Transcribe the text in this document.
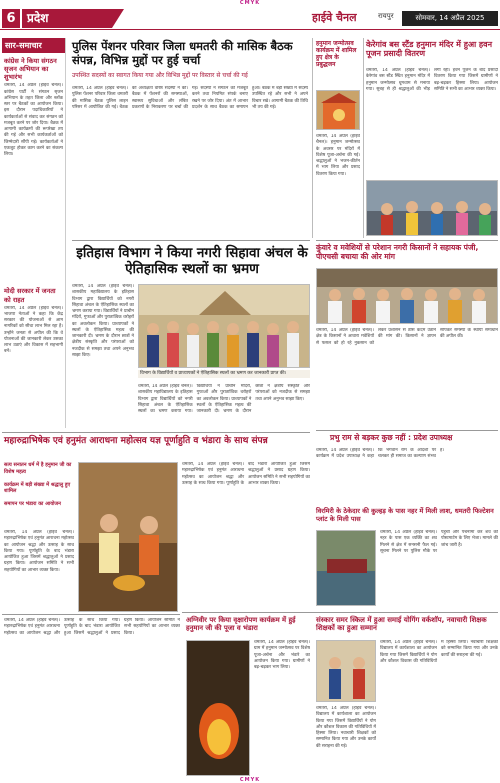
CMYK
6 प्रदेश	हाईवे चैनल	रायपुर	सोमवार, 14 अप्रैल 2025
सार-समाचार
कांग्रेस ने किया संगठन सृजन अभियान का शुभारंभ
धमतरी, 14 अप्रैल (हाईवे चैनल)। कांग्रेस पार्टी ने संगठन सृजन अभियान के तहत जिला और ब्लॉक स्तर पर बैठकों का आयोजन किया। इस दौरान पदाधिकारियों ने कार्यकर्ताओं से संवाद कर संगठन को मजबूत करने पर जोर दिया। बैठक में आगामी कार्यक्रमों की रूपरेखा तय की गई और सभी कार्यकर्ताओं को जिम्मेदारी सौंपी गई। कार्यकर्ताओं ने एकजुट होकर काम करने का संकल्प लिया।
मोदी सरकार में जनता को राहत
धमतरी, 14 अप्रैल (हाईवे चैनल)। भाजपा नेताओं ने कहा कि केंद्र सरकार की योजनाओं से आम नागरिकों को सीधा लाभ मिल रहा है। उन्होंने जनता से अपील की कि वे योजनाओं की जानकारी लेकर उसका लाभ उठाएं और विकास में सहभागी बनें।
पुलिस पेंशनर परिवार जिला धमतरी की मासिक बैठक संपन्न, विभिन्न मुद्दों पर हुई चर्चा
उपस्थित सदस्यों का स्वागत किया गया और विभिन्न मुद्दों पर विस्तार से चर्चा की गई
धमतरी, 14 अप्रैल (हाईवे चैनल)। पुलिस पेंशनर परिवार जिला धमतरी की मासिक बैठक पुलिस लाइन परिसर में आयोजित की गई। बैठक की अध्यक्षता वरिष्ठ सदस्यों ने की। बैठक में पेंशनरों की समस्याओं, स्वास्थ्य सुविधाओं और लंबित प्रकरणों के निराकरण पर चर्चा की गई। सदस्यों ने संगठन को मजबूत करने तथा नियमित संपर्क बनाए रखने पर जोर दिया। अंत में आभार प्रदर्शन के साथ बैठक का समापन हुआ। बैठक में बड़ी संख्या में सदस्य उपस्थित रहे और सभी ने अपने विचार रखे। आगामी बैठक की तिथि भी तय की गई।
हनुमान जन्मोत्सव कार्यक्रम में शामिल हुए क्षेत्र के प्रबुद्धजन
धमतरी, 14 अप्रैल (हाईवे चैनल)। हनुमान जन्मोत्सव के अवसर पर मंदिरों में विशेष पूजा-अर्चना की गई। श्रद्धालुओं ने भजन-कीर्तन में भाग लिया और प्रसाद वितरण किया गया।
केरेगांव बस स्टैंड हनुमान मंदिर में हुआ हवन पूजन प्रसादी वितरण
धमतरी, 14 अप्रैल (हाईवे चैनल)। केरेगांव बस स्टैंड स्थित हनुमान मंदिर में हनुमान जन्मोत्सव धूमधाम से मनाया गया। सुबह से ही श्रद्धालुओं की भीड़ लगी रही। हवन पूजन के बाद प्रसादी वितरण किया गया जिसमें ग्रामीणों ने बढ़-चढ़कर हिस्सा लिया। आयोजन समिति ने सभी का आभार व्यक्त किया।
कुंवारे व मवेशियों से परेशान नगरी किसानों ने सहायक पंजी, पीएचसी बचाया की ओर मांग
धमतरी, 14 अप्रैल (हाईवे चैनल)। क्षेत्र के किसानों ने आवारा मवेशियों से फसल को हो रहे नुकसान को लेकर प्रशासन से ठोस कदम उठाने की मांग की। किसानों ने ज्ञापन सौंपकर समस्या के स्थायी समाधान की अपील की।
इतिहास विभाग ने किया नगरी सिहावा अंचल के ऐतिहासिक स्थलों का भ्रमण
धमतरी, 14 अप्रैल (हाईवे चैनल)। शासकीय महाविद्यालय के इतिहास विभाग द्वारा विद्यार्थियों को नगरी सिहावा अंचल के ऐतिहासिक स्थलों का भ्रमण कराया गया। विद्यार्थियों ने प्राचीन मंदिरों, गुफाओं और पुरातात्विक धरोहरों का अवलोकन किया। प्राध्यापकों ने स्थलों के ऐतिहासिक महत्व की जानकारी दी। भ्रमण के दौरान छात्रों ने क्षेत्रीय संस्कृति और परंपराओं को नजदीक से समझा तथा अपने अनुभव साझा किए।
विभाग के विद्यार्थियों व प्राध्यापकों ने ऐतिहासिक स्थलों का भ्रमण कर जानकारी प्राप्त की।
धमतरी, 14 अप्रैल (हाईवे चैनल)। शासकीय महाविद्यालय के इतिहास विभाग द्वारा विद्यार्थियों को नगरी सिहावा अंचल के ऐतिहासिक स्थलों का भ्रमण कराया गया। विद्यार्थियों ने प्राचीन मंदिरों, गुफाओं और पुरातात्विक धरोहरों का अवलोकन किया। प्राध्यापकों ने स्थलों के ऐतिहासिक महत्व की जानकारी दी। भ्रमण के दौरान छात्रों ने क्षेत्रीय संस्कृति और परंपराओं को नजदीक से समझा तथा अपने अनुभव साझा किए।
प्रभु राम से बड़कर कुछ नहीं : प्रदेश उपाध्यक्ष
धमतरी, 14 अप्रैल (हाईवे चैनल)। कार्यक्रम में प्रदेश उपाध्यक्ष ने कहा कि भगवान राम के आदर्शों पर चलकर ही समाज का कल्याण संभव है।
महारुद्राभिषेक एवं हनुमंत आराधना महोत्सव यज्ञ पूर्णाहुति व भंडारा के साथ संपन्न
सत्य सनातन धर्म में है हनुमान जी का विशेष महत्व
कार्यक्रम में बड़ी संख्या में श्रद्धालु हुए शामिल
समापन पर भंडारा का आयोजन
धमतरी, 14 अप्रैल (हाईवे चैनल)। महारुद्राभिषेक एवं हनुमंत आराधना महोत्सव का आयोजन श्रद्धा और उत्साह के साथ किया गया। पूर्णाहुति के बाद भंडारा आयोजित हुआ जिसमें श्रद्धालुओं ने प्रसाद ग्रहण किया। आयोजन समिति ने सभी सहयोगियों का आभार व्यक्त किया।
धमतरी, 14 अप्रैल (हाईवे चैनल)। महारुद्राभिषेक एवं हनुमंत आराधना महोत्सव का आयोजन श्रद्धा और उत्साह के साथ किया गया। पूर्णाहुति के बाद भंडारा आयोजित हुआ जिसमें श्रद्धालुओं ने प्रसाद ग्रहण किया। आयोजन समिति ने सभी सहयोगियों का आभार व्यक्त किया।
विरमिरी के ठेकेदार की कुल्हड़ के पास नहर में मिली लाश, धमतरी फिल्टेशन प्लांट के मिली पास
धमतरी, 14 अप्रैल (हाईवे चैनल)। नहर के पास एक व्यक्ति का शव मिलने से क्षेत्र में सनसनी फैल गई। सूचना मिलने पर पुलिस मौके पर पहुंची और पंचनामा कर शव को पोस्टमार्टम के लिए भेजा। मामले की जांच जारी है।
अग्निवीर पर किया वृक्षारोपण कार्यक्रम में हुई हनुमान जी की पूजा व भंडारा
धमतरी, 14 अप्रैल (हाईवे चैनल)। ग्राम में हनुमान जन्मोत्सव पर विशेष पूजा-अर्चना और भंडारे का आयोजन किया गया। ग्रामीणों ने बढ़-चढ़कर भाग लिया।
धमतरी, 14 अप्रैल (हाईवे चैनल)। महारुद्राभिषेक एवं हनुमंत आराधना महोत्सव का आयोजन श्रद्धा और उत्साह के साथ किया गया। पूर्णाहुति के बाद भंडारा आयोजित हुआ जिसमें श्रद्धालुओं ने प्रसाद ग्रहण किया। आयोजन समिति ने सभी सहयोगियों का आभार व्यक्त किया।
संस्कार समर स्किल में हुआ समाई योगिंग वर्कशॉप, नवाचारी शिक्षक शिक्षकों का हुआ सम्मान
धमतरी, 14 अप्रैल (हाईवे चैनल)। विद्यालय में कार्यशाला का आयोजन किया गया जिसमें विद्यार्थियों ने योग और कौशल विकास की गतिविधियों में हिस्सा लिया। नवाचारी शिक्षकों को सम्मानित किया गया और उनके कार्यों की सराहना की गई।
धमतरी, 14 अप्रैल (हाईवे चैनल)। विद्यालय में कार्यशाला का आयोजन किया गया जिसमें विद्यार्थियों ने योग और कौशल विकास की गतिविधियों में हिस्सा लिया। नवाचारी शिक्षकों को सम्मानित किया गया और उनके कार्यों की सराहना की गई।
CMYK
